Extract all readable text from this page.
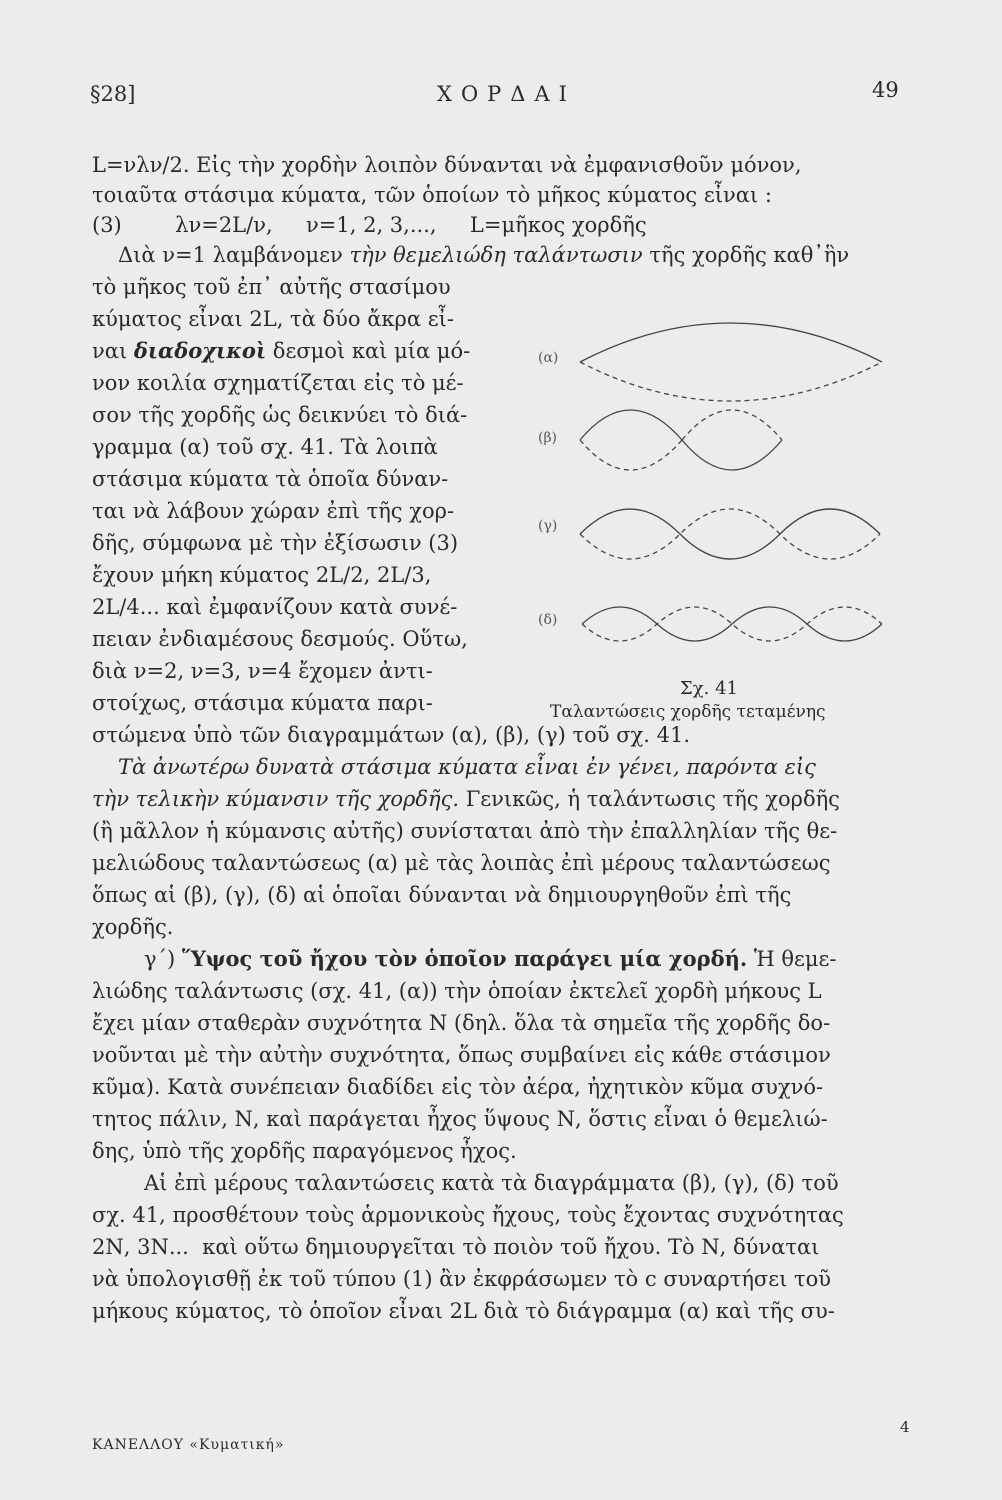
§28]	ΧΟΡΔΑΙ	49

L=νλν/2. Εἰς τὴν χορδὴν λοιπὸν δύνανται νὰ ἐμφανισθοῦν μόνον,

τοιαῦτα στάσιμα κύματα, τῶν ὁποίων τὸ μῆκος κύματος εἶναι :

(3)        λν=2L/ν,     ν=1, 2, 3,...,     L=μῆκος χορδῆς

Διὰ ν=1 λαμβάνομεν τὴν θεμελιώδη ταλάντωσιν τῆς χορδῆς καθ᾽ἣν

τὸ μῆκος τοῦ ἐπ᾽ αὐτῆς στασίμου

κύματος εἶναι 2L, τὰ δύο ἄκρα εἶ-

ναι διαδοχικοὶ δεσμοὶ καὶ μία μό-

νον κοιλία σχηματίζεται εἰς τὸ μέ-

σον τῆς χορδῆς ὡς δεικνύει τὸ διά-

γραμμα (α) τοῦ σχ. 41. Τὰ λοιπὰ

στάσιμα κύματα τὰ ὁποῖα δύναν-

ται νὰ λάβουν χώραν ἐπὶ τῆς χορ-

δῆς, σύμφωνα μὲ τὴν ἐξίσωσιν (3)

ἔχουν μήκη κύματος 2L/2, 2L/3,

2L/4... καὶ ἐμφανίζουν κατὰ συνέ-

πειαν ἐνδιαμέσους δεσμούς. Οὕτω,

διὰ ν=2, ν=3, ν=4 ἔχομεν ἀντι-

στοίχως, στάσιμα κύματα παρι-

στώμενα ὑπὸ τῶν διαγραμμάτων (α), (β), (γ) τοῦ σχ. 41.

Τὰ ἀνωτέρω δυνατὰ στάσιμα κύματα εἶναι ἐν γένει, παρόντα εἰς

τὴν τελικὴν κύμανσιν τῆς χορδῆς. Γενικῶς, ἡ ταλάντωσις τῆς χορδῆς

(ἢ μᾶλλον ἡ κύμανσις αὐτῆς) συνίσταται ἀπὸ τὴν ἐπαλληλίαν τῆς θε-

μελιώδους ταλαντώσεως (α) μὲ τὰς λοιπὰς ἐπὶ μέρους ταλαντώσεως

ὅπως αἱ (β), (γ), (δ) αἱ ὁποῖαι δύνανται νὰ δημιουργηθοῦν ἐπὶ τῆς

χορδῆς.

γ´) Ὕψος τοῦ ἤχου τὸν ὁποῖον παράγει μία χορδή. Ἡ θεμε-

λιώδης ταλάντωσις (σχ. 41, (α)) τὴν ὁποίαν ἐκτελεῖ χορδὴ μήκους L

ἔχει μίαν σταθερὰν συχνότητα Ν (δηλ. ὅλα τὰ σημεῖα τῆς χορδῆς δο-

νοῦνται μὲ τὴν αὐτὴν συχνότητα, ὅπως συμβαίνει εἰς κάθε στάσιμον

κῦμα). Κατὰ συνέπειαν διαδίδει εἰς τὸν ἀέρα, ἠχητικὸν κῦμα συχνό-

τητος πάλιν, Ν, καὶ παράγεται ἦχος ὕψους Ν, ὅστις εἶναι ὁ θεμελιώ-

δης, ὑπὸ τῆς χορδῆς παραγόμενος ἦχος.

Αἱ ἐπὶ μέρους ταλαντώσεις κατὰ τὰ διαγράμματα (β), (γ), (δ) τοῦ

σχ. 41, προσθέτουν τοὺς ἁρμονικοὺς ἤχους, τοὺς ἔχοντας συχνότητας

2Ν, 3Ν...  καὶ οὕτω δημιουργεῖται τὸ ποιὸν τοῦ ἤχου. Τὸ Ν, δύναται

νὰ ὑπολογισθῇ ἐκ τοῦ τύπου (1) ἂν ἐκφράσωμεν τὸ c συναρτήσει τοῦ

μήκους κύματος, τὸ ὁποῖον εἶναι 2L διὰ τὸ διάγραμμα (α) καὶ τῆς συ-

(α)
(β)
(γ)
(δ)
Σχ. 41
Ταλαντώσεις χορδῆς τεταμένης
ΚΑΝΕΛΛΟΥ «Κυματική»
4
